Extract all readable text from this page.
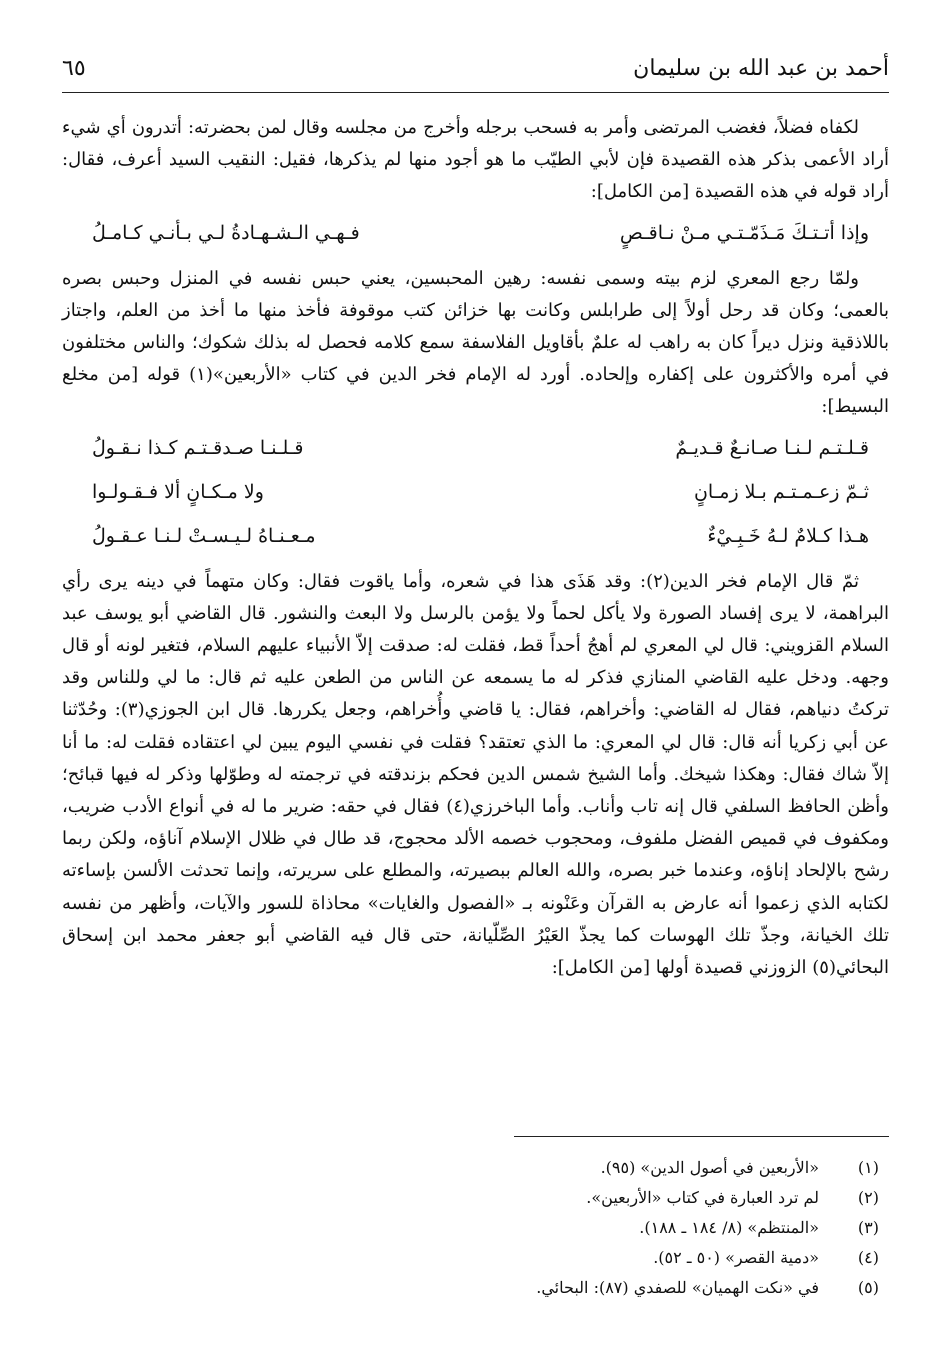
أحمد بن عبد الله بن سليمان
٦٥

لكفاه فضلاً، فغضب المرتضى وأمر به فسحب برجله وأخرج من مجلسه وقال لمن بحضرته: أتدرون أي شيء أراد الأعمى بذكر هذه القصيدة فإن لأبي الطيّب ما هو أجود منها لم يذكرها، فقيل: النقيب السيد أعرف، فقال: أراد قوله في هذه القصيدة [من الكامل]:

وإذا أتـتـكَ مَـذَمّـتـي مـنْ نـاقـصٍ
فـهـي الـشـهـادةُ لـي بـأنـي كـامـلُ

ولمّا رجع المعري لزم بيته وسمى نفسه: رهين المحبسين، يعني حبس نفسه في المنزل وحبس بصره بالعمى؛ وكان قد رحل أولاً إلى طرابلس وكانت بها خزائن كتب موقوفة فأخذ منها ما أخذ من العلم، واجتاز باللاذقية ونزل ديراً كان به راهب له علمٌ بأقاويل الفلاسفة سمع كلامه فحصل له بذلك شكوك؛ والناس مختلفون في أمره والأكثرون على إكفاره وإلحاده. أورد له الإمام فخر الدين في كتاب «الأربعين»(١) قوله [من مخلع البسيط]:

قـلـتـم لـنـا صـانـعٌ قـديـمٌ
قـلـنـا صـدقـتـم كـذا نـقـولُ
ثـمّ زعـمـتـم بـلا زمـانٍ
ولا مـكـانٍ ألا فـقـولـوا
هـذا كـلامٌ لـهُ خَـبِـيْءٌ
مـعـنـاهُ لـيـسـتْ لـنـا عـقـولُ

ثمّ قال الإمام فخر الدين(٢): وقد هَذَى هذا في شعره، وأما ياقوت فقال: وكان متهماً في دينه يرى رأي البراهمة، لا يرى إفساد الصورة ولا يأكل لحماً ولا يؤمن بالرسل ولا البعث والنشور. قال القاضي أبو يوسف عبد السلام القزويني: قال لي المعري لم أهجُ أحداً قط، فقلت له: صدقت إلاّ الأنبياء عليهم السلام، فتغير لونه أو قال وجهه. ودخل عليه القاضي المنازي فذكر له ما يسمعه عن الناس من الطعن عليه ثم قال: ما لي وللناس وقد تركتُ دنياهم، فقال له القاضي: وأخراهم، فقال: يا قاضي وأُخراهم، وجعل يكررها. قال ابن الجوزي(٣): وحُدّثنا عن أبي زكريا أنه قال: قال لي المعري: ما الذي تعتقد؟ فقلت في نفسي اليوم يبين لي اعتقاده فقلت له: ما أنا إلاّ شاك فقال: وهكذا شيخك. وأما الشيخ شمس الدين فحكم بزندقته في ترجمته له وطوّلها وذكر له فيها قبائح؛ وأظن الحافظ السلفي قال إنه تاب وأناب. وأما الباخرزي(٤) فقال في حقه: ضرير ما له في أنواع الأدب ضريب، ومكفوف في قميص الفضل ملفوف، ومحجوب خصمه الألد محجوج، قد طال في ظلال الإسلام آناؤه، ولكن ربما رشح بالإلحاد إناؤه، وعندما خبر بصره، والله العالم ببصيرته، والمطلع على سريرته، وإنما تحدثت الألسن بإساءته لكتابه الذي زعموا أنه عارض به القرآن وعَنْونه بـ «الفصول والغايات» محاذاة للسور والآيات، وأظهر من نفسه تلك الخيانة، وجذّ تلك الهوسات كما يجذّ العَيْرُ الصِّلّيانة، حتى قال فيه القاضي أبو جعفر محمد ابن إسحاق البحائي(٥) الزوزني قصيدة أولها [من الكامل]:

(١)
«الأربعين في أصول الدين» (٩٥).
(٢)
لم ترد العبارة في كتاب «الأربعين».
(٣)
«المنتظم» (٨/ ١٨٤ ـ ١٨٨).
(٤)
«دمية القصر» (٥٠ ـ ٥٢).
(٥)
في «نكت الهميان» للصفدي (٨٧): البحائي.
